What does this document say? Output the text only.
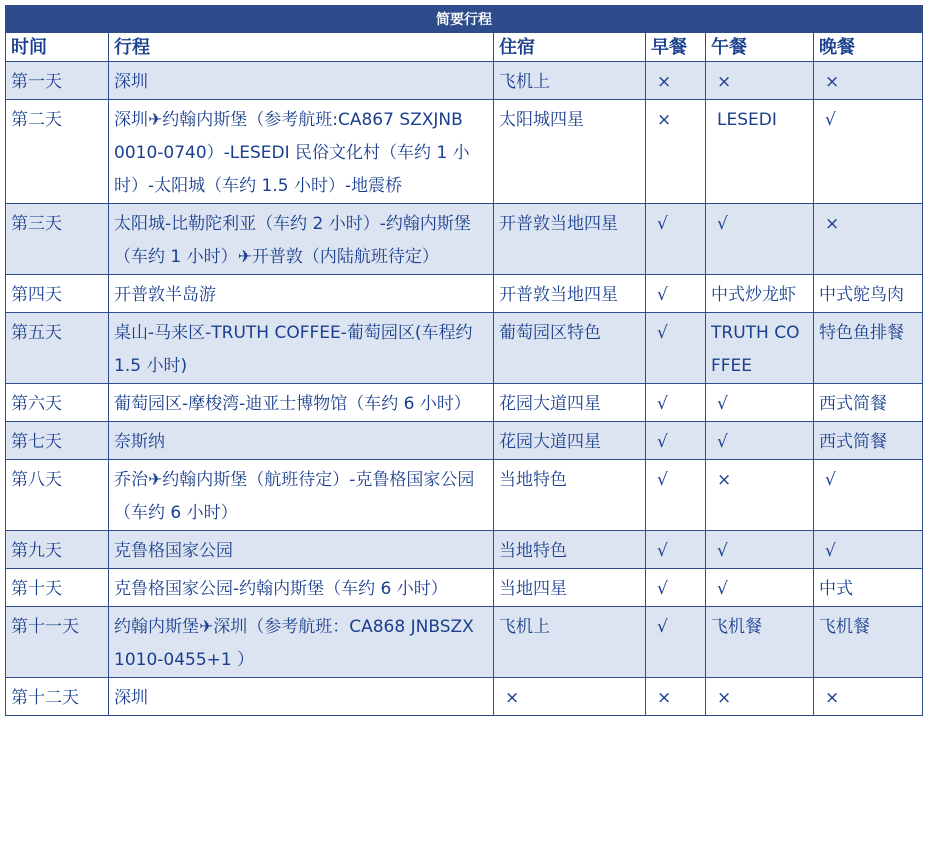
简要行程					
时间	行程	住宿	早餐	午餐	晚餐
第一天	深圳	飞机上	×	×	×
第二天	深圳✈约翰内斯堡（参考航班:CA867 SZXJNB　0010-0740）-LESEDI 民俗文化村（车约 1 小时）-太阳城（车约 1.5 小时）-地震桥	太阳城四星	×	LESEDI	√
第三天	太阳城-比勒陀利亚（车约 2 小时）-约翰内斯堡（车约 1 小时）✈开普敦（内陆航班待定）	开普敦当地四星	√	√	×
第四天	开普敦半岛游	开普敦当地四星	√	中式炒龙虾	中式鸵鸟肉
第五天	桌山-马来区-TRUTH COFFEE-葡萄园区(车程约 1.5 小时)	葡萄园区特色	√	TRUTH COFFEE	特色鱼排餐
第六天	葡萄园区-摩梭湾-迪亚士博物馆（车约 6 小时）	花园大道四星	√	√	西式简餐
第七天	奈斯纳	花园大道四星	√	√	西式简餐
第八天	乔治✈约翰内斯堡（航班待定）-克鲁格国家公园（车约 6 小时）	当地特色	√	×	√
第九天	克鲁格国家公园	当地特色	√	√	√
第十天	克鲁格国家公园-约翰内斯堡（车约 6 小时）	当地四星	√	√	中式
第十一天	约翰内斯堡✈深圳（参考航班：CA868 JNBSZX　1010-0455+1 ）	飞机上	√	飞机餐	飞机餐
第十二天	深圳	×	×	×	×
